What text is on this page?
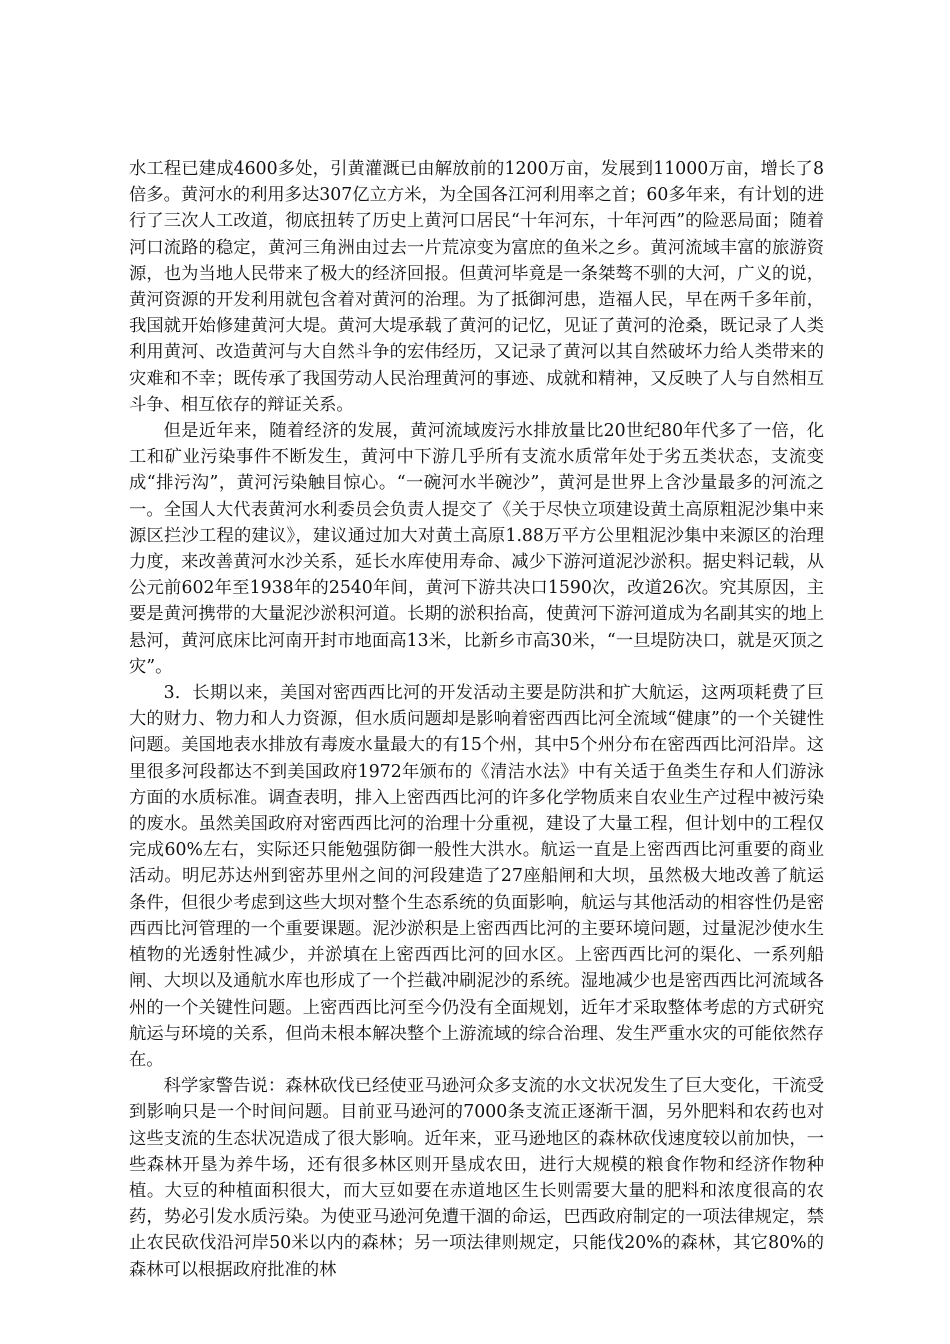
水工程已建成4600多处，引黄灌溉已由解放前的1200万亩，发展到11000万亩，增长了8倍多。黄河水的利用多达307亿立方米，为全国各江河利用率之首；60多年来，有计划的进行了三次人工改道，彻底扭转了历史上黄河口居民“十年河东，十年河西”的险恶局面；随着河口流路的稳定，黄河三角洲由过去一片荒凉变为富庶的鱼米之乡。黄河流域丰富的旅游资源，也为当地人民带来了极大的经济回报。但黄河毕竟是一条桀骜不驯的大河，广义的说，黄河资源的开发利用就包含着对黄河的治理。为了抵御河患，造福人民，早在两千多年前，我国就开始修建黄河大堤。黄河大堤承载了黄河的记忆，见证了黄河的沧桑，既记录了人类利用黄河、改造黄河与大自然斗争的宏伟经历，又记录了黄河以其自然破坏力给人类带来的灾难和不幸；既传承了我国劳动人民治理黄河的事迹、成就和精神，又反映了人与自然相互斗争、相互依存的辩证关系。

但是近年来，随着经济的发展，黄河流域废污水排放量比20世纪80年代多了一倍，化工和矿业污染事件不断发生，黄河中下游几乎所有支流水质常年处于劣五类状态，支流变成“排污沟”，黄河污染触目惊心。“一碗河水半碗沙”，黄河是世界上含沙量最多的河流之一。全国人大代表黄河水利委员会负责人提交了《关于尽快立项建设黄土高原粗泥沙集中来源区拦沙工程的建议》，建议通过加大对黄土高原1.88万平方公里粗泥沙集中来源区的治理力度，来改善黄河水沙关系，延长水库使用寿命、减少下游河道泥沙淤积。据史料记载，从公元前602年至1938年的2540年间，黄河下游共决口1590次，改道26次。究其原因，主要是黄河携带的大量泥沙淤积河道。长期的淤积抬高，使黄河下游河道成为名副其实的地上悬河，黄河底床比河南开封市地面高13米，比新乡市高30米，“一旦堤防决口，就是灭顶之灾”。

3．长期以来，美国对密西西比河的开发活动主要是防洪和扩大航运，这两项耗费了巨大的财力、物力和人力资源，但水质问题却是影响着密西西比河全流域“健康”的一个关键性问题。美国地表水排放有毒废水量最大的有15个州，其中5个州分布在密西西比河沿岸。这里很多河段都达不到美国政府1972年颁布的《清洁水法》中有关适于鱼类生存和人们游泳方面的水质标准。调查表明，排入上密西西比河的许多化学物质来自农业生产过程中被污染的废水。虽然美国政府对密西西比河的治理十分重视，建设了大量工程，但计划中的工程仅完成60%左右，实际还只能勉强防御一般性大洪水。航运一直是上密西西比河重要的商业活动。明尼苏达州到密苏里州之间的河段建造了27座船闸和大坝，虽然极大地改善了航运条件，但很少考虑到这些大坝对整个生态系统的负面影响，航运与其他活动的相容性仍是密西西比河管理的一个重要课题。泥沙淤积是上密西西比河的主要环境问题，过量泥沙使水生植物的光透射性减少，并淤填在上密西西比河的回水区。上密西西比河的渠化、一系列船闸、大坝以及通航水库也形成了一个拦截冲刷泥沙的系统。湿地减少也是密西西比河流域各州的一个关键性问题。上密西西比河至今仍没有全面规划，近年才采取整体考虑的方式研究航运与环境的关系，但尚未根本解决整个上游流域的综合治理、发生严重水灾的可能依然存在。

科学家警告说：森林砍伐已经使亚马逊河众多支流的水文状况发生了巨大变化，干流受到影响只是一个时间问题。目前亚马逊河的7000条支流正逐渐干涸，另外肥料和农药也对这些支流的生态状况造成了很大影响。近年来，亚马逊地区的森林砍伐速度较以前加快，一些森林开垦为养牛场，还有很多林区则开垦成农田，进行大规模的粮食作物和经济作物种植。大豆的种植面积很大，而大豆如要在赤道地区生长则需要大量的肥料和浓度很高的农药，势必引发水质污染。为使亚马逊河免遭干涸的命运，巴西政府制定的一项法律规定，禁止农民砍伐沿河岸50米以内的森林；另一项法律则规定，只能伐20%的森林，其它80%的森林可以根据政府批准的林
